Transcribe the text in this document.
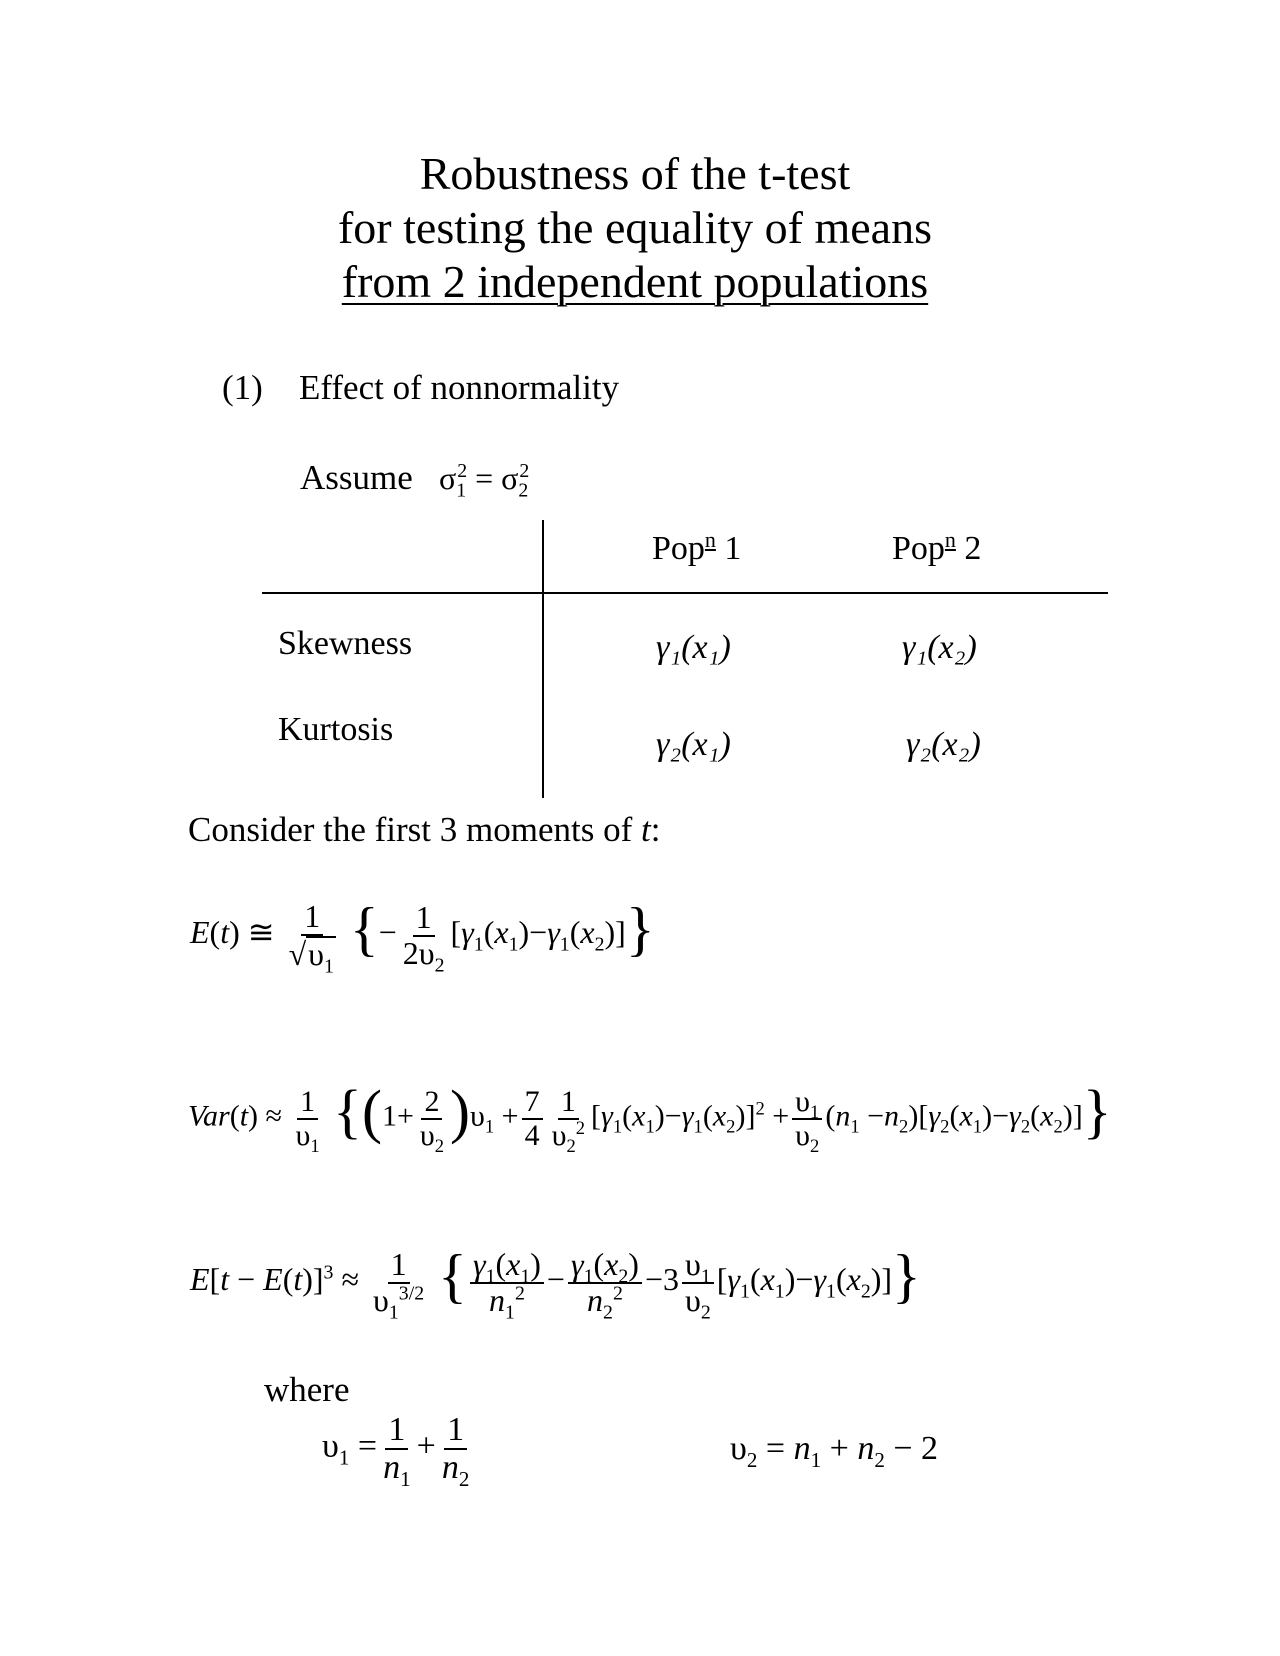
Robustness of the t-test
for testing the equality of means
from 2 independent populations
(1) Effect of nonnormality
Assume $\sigma_1^2 = \sigma_2^2$
Pop$^n$ 1	Pop$^n$ 2
Skewness	γ₁(x₁)	γ₁(x₂)
Kurtosis	γ₂(x₁)	γ₂(x₂)
Consider the first 3 moments of t:
E(t) ≅ $\frac{1}{√\upsilon_1}$ {− $\frac{1}{2\upsilon_2} [\gamma_1(x_1)-\gamma_1(x_2)]$}
$Var(t) \approx \frac{1}{\upsilon_1} \{(1+ \frac{2}{\upsilon_2} )\upsilon_1 + \frac{7}{4} \frac{1}{\upsilon_2^2} [\gamma_1(x_1)-\gamma_1(x_2)]^2 + \frac{\upsilon_1}{\upsilon_2} (n_1 -n_2)[\gamma_2(x_1)-\gamma_2(x_2)]\}$
$E[t - E(t)]^3 \approx \frac{1}{\upsilon_1^{3/2}}$ { $\frac{\gamma_1(x_1)}{n_1^2} - \frac{\gamma_1(x_2)}{n_2^2} -3 \frac{\upsilon_1}{\upsilon_2} [\gamma_1(x_1)-\gamma_1(x_2)]$}
where
$\upsilon_1 = \frac{1}{n_1} + \frac{1}{n_2}$	$\upsilon_2 = n_1 + n_2 - 2$
